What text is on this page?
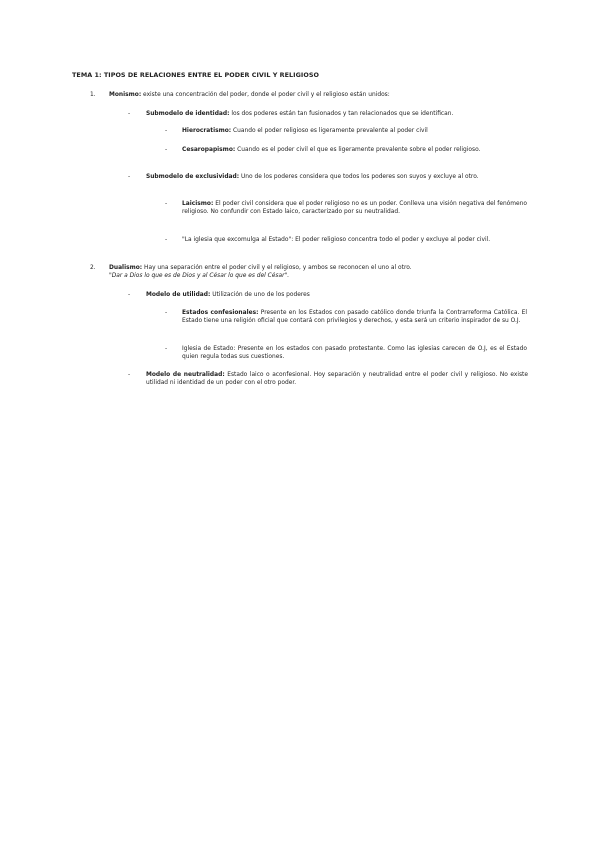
TEMA 1: TIPOS DE RELACIONES ENTRE EL PODER CIVIL Y RELIGIOSO
1. Monismo: existe una concentración del poder, donde el poder civil y el religioso están unidos:
-	Submodelo de identidad: los dos poderes están tan fusionados y tan relacionados que se identifican.
-	Hierocratismo: Cuando el poder religioso es ligeramente prevalente al poder civil
-	Cesaropapismo: Cuando es el poder civil el que es ligeramente prevalente sobre el poder religioso.
-	Submodelo de exclusividad: Uno de los poderes considera que todos los poderes son suyos y excluye al otro.
-	Laicismo: El poder civil considera que el poder religioso no es un poder. Conlleva una visión negativa del fenómeno religioso. No confundir con Estado laico, caracterizado por su neutralidad.
-	"La iglesia que excomulga al Estado": El poder religioso concentra todo el poder y excluye al poder civil.
2. Dualismo: Hay una separación entre el poder civil y el religioso, y ambos se reconocen el uno al otro.
"Dar a Dios lo que es de Dios y al César lo que es del César".
-	Modelo de utilidad: Utilización de uno de los poderes
-	Estados confesionales: Presente en los Estados con pasado católico donde triunfa la Contrarreforma Católica. El Estado tiene una religión oficial que contará con privilegios y derechos, y esta será un criterio inspirador de su O.J.
-	Iglesia de Estado: Presente en los estados con pasado protestante. Como las iglesias carecen de O.J, es el Estado quien regula todas sus cuestiones.
-	Modelo de neutralidad: Estado laico o aconfesional. Hoy separación y neutralidad entre el poder civil y religioso. No existe utilidad ni identidad de un poder con el otro poder.
